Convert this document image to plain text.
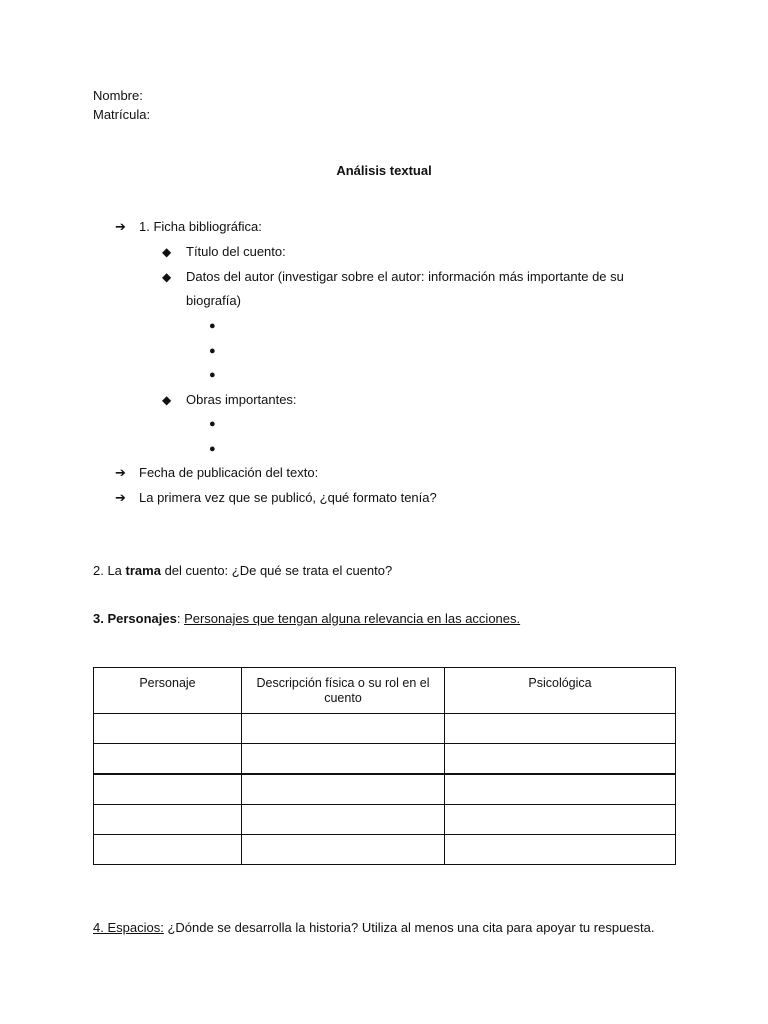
Nombre:
Matrícula:
Análisis textual
➔ 1. Ficha bibliográfica:
◆ Título del cuento:
◆ Datos del autor (investigar sobre el autor: información más importante de su
biografía)
●
●
●
◆ Obras importantes:
●
●
➔ Fecha de publicación del texto:
➔ La primera vez que se publicó, ¿qué formato tenía?
2. La trama del cuento: ¿De qué se trata el cuento?
3. Personajes: Personajes que tengan alguna relevancia en las acciones.
Personaje	Descripción física o su rol en el cuento	Psicológica

4. Espacios: ¿Dónde se desarrolla la historia? Utiliza al menos una cita para apoyar tu respuesta.
